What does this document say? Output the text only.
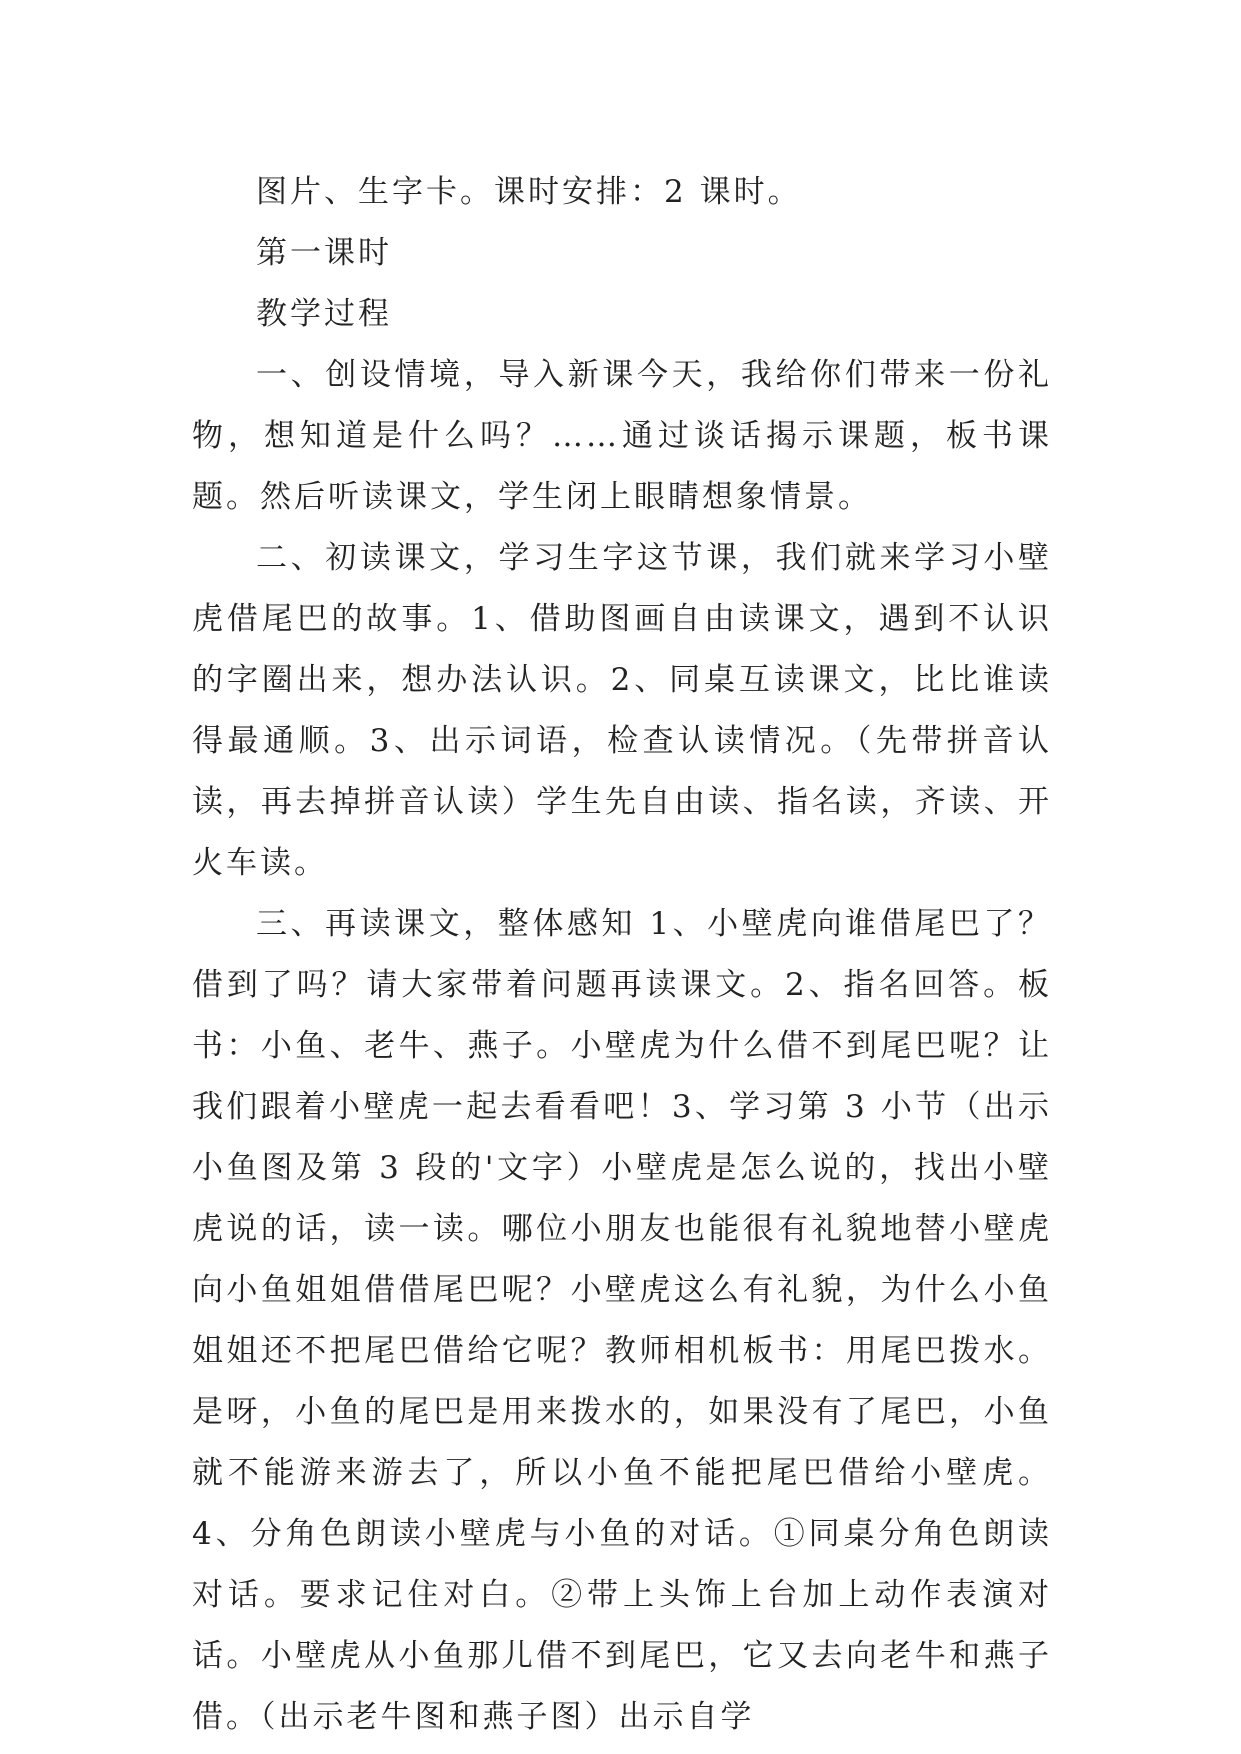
图片、生字卡。课时安排：2 课时。

第一课时

教学过程

一、创设情境，导入新课今天，我给你们带来一份礼物，想知道是什么吗？……通过谈话揭示课题，板书课题。然后听读课文，学生闭上眼睛想象情景。

二、初读课文，学习生字这节课，我们就来学习小壁虎借尾巴的故事。1、借助图画自由读课文，遇到不认识的字圈出来，想办法认识。2、同桌互读课文，比比谁读得最通顺。3、出示词语，检查认读情况。（先带拼音认读，再去掉拼音认读）学生先自由读、指名读，齐读、开火车读。

三、再读课文，整体感知 1、小壁虎向谁借尾巴了？借到了吗？请大家带着问题再读课文。2、指名回答。板书：小鱼、老牛、燕子。小壁虎为什么借不到尾巴呢？让我们跟着小壁虎一起去看看吧！3、学习第 3 小节（出示小鱼图及第 3 段的'文字）小壁虎是怎么说的，找出小壁虎说的话，读一读。哪位小朋友也能很有礼貌地替小壁虎向小鱼姐姐借借尾巴呢？小壁虎这么有礼貌，为什么小鱼姐姐还不把尾巴借给它呢？教师相机板书：用尾巴拨水。是呀，小鱼的尾巴是用来拨水的，如果没有了尾巴，小鱼就不能游来游去了，所以小鱼不能把尾巴借给小壁虎。4、分角色朗读小壁虎与小鱼的对话。①同桌分角色朗读对话。要求记住对白。②带上头饰上台加上动作表演对话。小壁虎从小鱼那儿借不到尾巴，它又去向老牛和燕子借。（出示老牛图和燕子图）出示自学
